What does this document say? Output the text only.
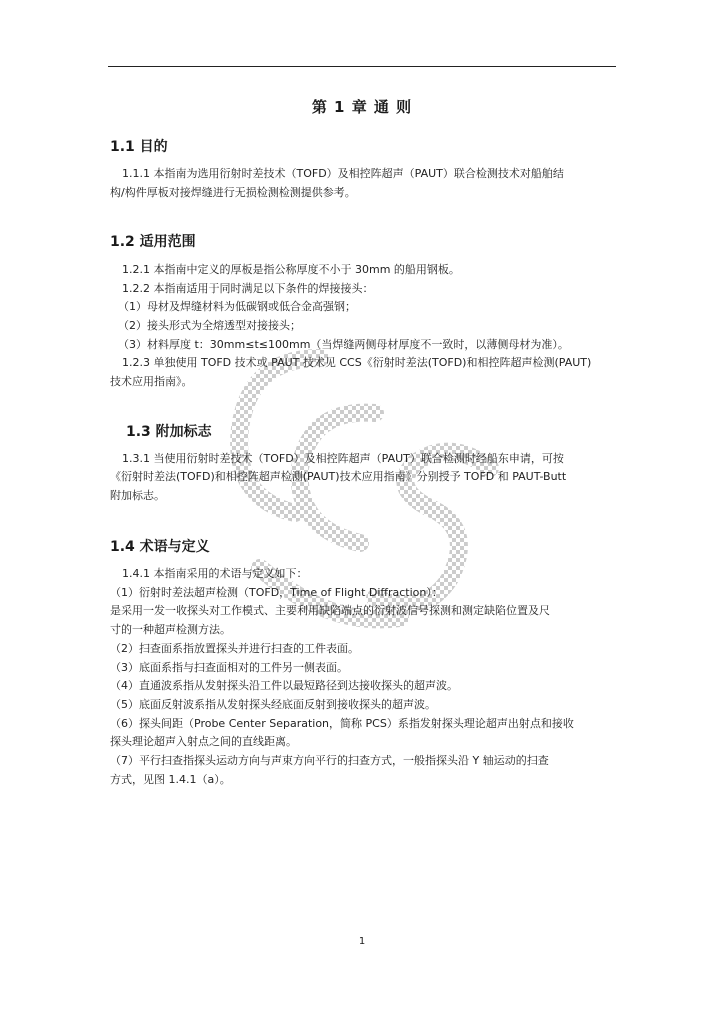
第 1 章 通 则
1.1 目的
1.1.1 本指南为选用衍射时差技术（TOFD）及相控阵超声（PAUT）联合检测技术对船舶结
构/构件厚板对接焊缝进行无损检测检测提供参考。
1.2 适用范围
1.2.1 本指南中定义的厚板是指公称厚度不小于 30mm 的船用钢板。
1.2.2 本指南适用于同时满足以下条件的焊接接头：
（1）母材及焊缝材料为低碳钢或低合金高强钢；
（2）接头形式为全熔透型对接接头；
（3）材料厚度 t：30mm≤t≤100mm（当焊缝两侧母材厚度不一致时，以薄侧母材为准）。
1.2.3 单独使用 TOFD 技术或 PAUT 技术见 CCS《衍射时差法(TOFD)和相控阵超声检测(PAUT)
技术应用指南》。
1.3 附加标志
1.3.1 当使用衍射时差技术（TOFD）及相控阵超声（PAUT）联合检测时经船东申请，可按
《衍射时差法(TOFD)和相控阵超声检测(PAUT)技术应用指南》分别授予 TOFD 和 PAUT-Butt
附加标志。
1.4 术语与定义
1.4.1 本指南采用的术语与定义如下：
（1）衍射时差法超声检测（TOFD，Time of Flight Diffraction）：
是采用一发一收探头对工作模式、主要利用缺陷端点的衍射波信号探测和测定缺陷位置及尺
寸的一种超声检测方法。
（2）扫查面系指放置探头并进行扫查的工件表面。
（3）底面系指与扫查面相对的工件另一侧表面。
（4）直通波系指从发射探头沿工件以最短路径到达接收探头的超声波。
（5）底面反射波系指从发射探头经底面反射到接收探头的超声波。
（6）探头间距（Probe Center Separation，简称 PCS）系指发射探头理论超声出射点和接收
探头理论超声入射点之间的直线距离。
（7）平行扫查指探头运动方向与声束方向平行的扫查方式，一般指探头沿 Y 轴运动的扫查
方式，见图 1.4.1（a）。
1
